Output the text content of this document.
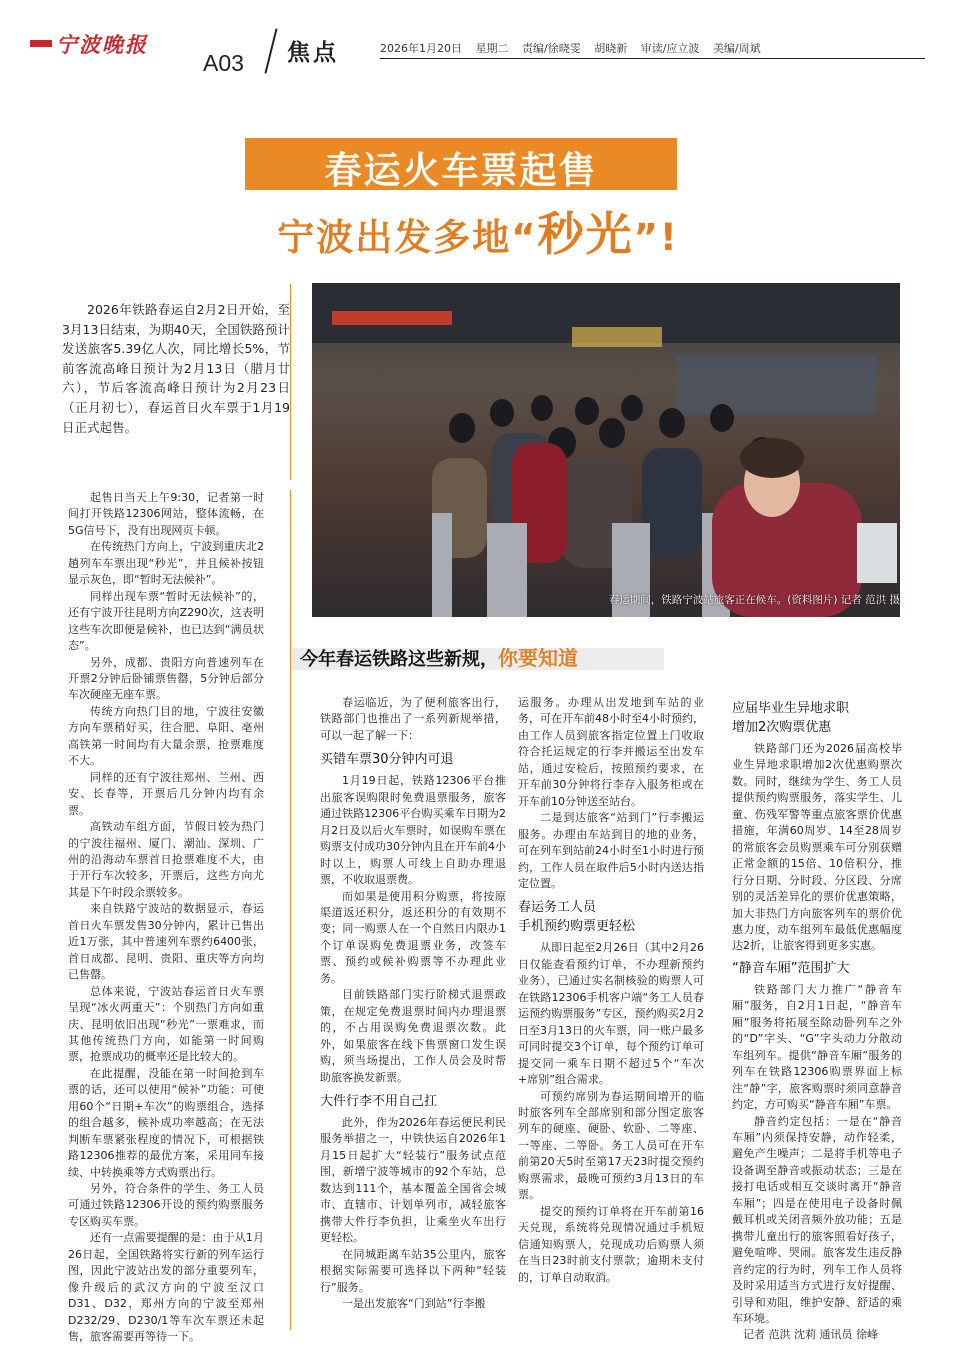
宁波晚报
A03 焦点	2026年1月20日 星期二 责编/徐晓雯 胡晓新 审读/应立波 美编/周斌
春运火车票起售
宁波出发多地“秒光”!
2026年铁路春运自2月2日开始，至3月13日结束，为期40天，全国铁路预计发送旅客5.39亿人次，同比增长5%，节前客流高峰日预计为2月13日（腊月廿六），节后客流高峰日预计为2月23日（正月初七），春运首日火车票于1月19日正式起售。
春运期间，铁路宁波站旅客正在候车。(资料图片) 记者 范洪 摄

起售日当天上午9:30，记者第一时间打开铁路12306网站，整体流畅，在5G信号下，没有出现网页卡顿。

在传统热门方向上，宁波到重庆北2趟列车车票出现“秒光”，并且候补按钮显示灰色，即“暂时无法候补”。

同样出现车票“暂时无法候补”的，还有宁波开往昆明方向Z290次，这表明这些车次即便是候补，也已达到“满员状态”。

另外，成都、贵阳方向普速列车在开票2分钟后卧铺票售罄，5分钟后部分车次硬座无座车票。

传统方向热门目的地，宁波往安徽方向车票稍好买，往合肥、阜阳、亳州高铁第一时间均有大量余票，抢票难度不大。

同样的还有宁波往郑州、兰州、西安、长春等，开票后几分钟内均有余票。

高铁动车组方面，节假日较为热门的宁波往福州、厦门、潮汕、深圳、广州的沿海动车票首日抢票难度不大，由于开行车次较多，开票后，这些方向尤其是下午时段余票较多。

来自铁路宁波站的数据显示，春运首日火车票发售30分钟内，累计已售出近1万张，其中普速列车票约6400张，首日成都、昆明、贵阳、重庆等方向均已售罄。

总体来说，宁波站春运首日火车票呈现“冰火两重天”：个别热门方向如重庆、昆明依旧出现“秒光”一票难求，而其他传统热门方向，如能第一时间购票，抢票成功的概率还是比较大的。

在此提醒，没能在第一时间抢到车票的话，还可以使用“候补”功能：可使用60个“日期+车次”的购票组合，选择的组合越多，候补成功率越高；在无法判断车票紧张程度的情况下，可根据铁路12306推荐的最优方案，采用同车接续、中转换乘等方式购票出行。

另外，符合条件的学生、务工人员可通过铁路12306开设的预约购票服务专区购买车票。

还有一点需要提醒的是：由于从1月26日起，全国铁路将实行新的列车运行图，因此宁波站出发的部分重要列车，像升级后的武汉方向的宁波至汉口D31、D32，郑州方向的宁波至郑州D232/29、D230/1等车次车票还未起售，旅客需要再等待一下。

今年春运铁路这些新规，你要知道

春运临近，为了便利旅客出行，铁路部门也推出了一系列新规举措，可以一起了解一下：

买错车票30分钟内可退

1月19日起，铁路12306平台推出旅客误购限时免费退票服务，旅客通过铁路12306平台购买乘车日期为2月2日及以后火车票时，如误购车票在购票支付成功30分钟内且在开车前4小时以上，购票人可线上自助办理退票，不收取退票费。

而如果是使用积分购票，将按原渠道返还积分，返还积分的有效期不变；同一购票人在一个自然日内限办1个订单误购免费退票业务，改签车票、预约或候补购票等不办理此业务。

目前铁路部门实行阶梯式退票政策，在规定免费退票时间内办理退票的，不占用误购免费退票次数。此外，如果旅客在线下售票窗口发生误购，须当场提出，工作人员会及时帮助旅客换发新票。

大件行李不用自己扛

此外，作为2026年春运便民利民服务举措之一，中铁快运自2026年1月15日起扩大“轻装行”服务试点范围，新增宁波等城市的92个车站，总数达到111个，基本覆盖全国省会城市、直辖市、计划单列市，减轻旅客携带大件行李负担，让乘坐火车出行更轻松。

在同城距离车站35公里内，旅客根据实际需要可选择以下两种“轻装行”服务。

一是出发旅客“门到站”行李搬

运服务。办理从出发地到车站的业务，可在开车前48小时至4小时预约，由工作人员到旅客指定位置上门收取符合托运规定的行李并搬运至出发车站，通过安检后，按照预约要求，在开车前30分钟将行李存入服务柜或在开车前10分钟送至站台。

二是到达旅客“站到门”行李搬运服务。办理由车站到目的地的业务，可在列车到站前24小时至1小时进行预约，工作人员在取件后5小时内送达指定位置。

春运务工人员
手机预约购票更轻松

从即日起至2月26日（其中2月26日仅能查看预约订单，不办理新预约业务），已通过实名制核验的购票人可在铁路12306手机客户端“务工人员春运预约购票服务”专区，预约购买2月2日至3月13日的火车票，同一账户最多可同时提交3个订单，每个预约订单可提交同一乘车日期不超过5个“车次+席别”组合需求。

可预约席别为春运期间增开的临时旅客列车全部席别和部分图定旅客列车的硬座、硬卧、软卧、二等座、一等座、二等卧。务工人员可在开车前第20天5时至第17天23时提交预约购票需求，最晚可预约3月13日的车票。

提交的预约订单将在开车前第16天兑现，系统将兑现情况通过手机短信通知购票人，兑现成功后购票人须在当日23时前支付票款；逾期未支付的，订单自动取消。

应届毕业生异地求职
增加2次购票优惠

铁路部门还为2026届高校毕业生异地求职增加2次优惠购票次数。同时，继续为学生、务工人员提供预约购票服务，落实学生、儿童、伤残军警等重点旅客票价优惠措施，年满60周岁、14至28周岁的常旅客会员购票乘车可分别获赠正常金额的15倍、10倍积分，推行分日期、分时段、分区段、分席别的灵活差异化的票价优惠策略，加大非热门方向旅客列车的票价优惠力度，动车组列车最低优惠幅度达2折，让旅客得到更多实惠。

“静音车厢”范围扩大

铁路部门大力推广“静音车厢”服务，自2月1日起，“静音车厢”服务将拓展至除动卧列车之外的“D”字头、“G”字头动力分散动车组列车。提供“静音车厢”服务的列车在铁路12306购票界面上标注“静”字，旅客购票时须同意静音约定，方可购买“静音车厢”车票。

静音约定包括：一是在“静音车厢”内须保持安静，动作轻柔，避免产生噪声；二是将手机等电子设备调至静音或振动状态；三是在接打电话或相互交谈时离开“静音车厢”；四是在使用电子设备时佩戴耳机或关闭音频外放功能；五是携带儿童出行的旅客照看好孩子，避免喧哗、哭闹。旅客发生违反静音约定的行为时，列车工作人员将及时采用适当方式进行友好提醒、引导和劝阻，维护安静、舒适的乘车环境。

记者 范洪 沈莉 通讯员 徐峰
